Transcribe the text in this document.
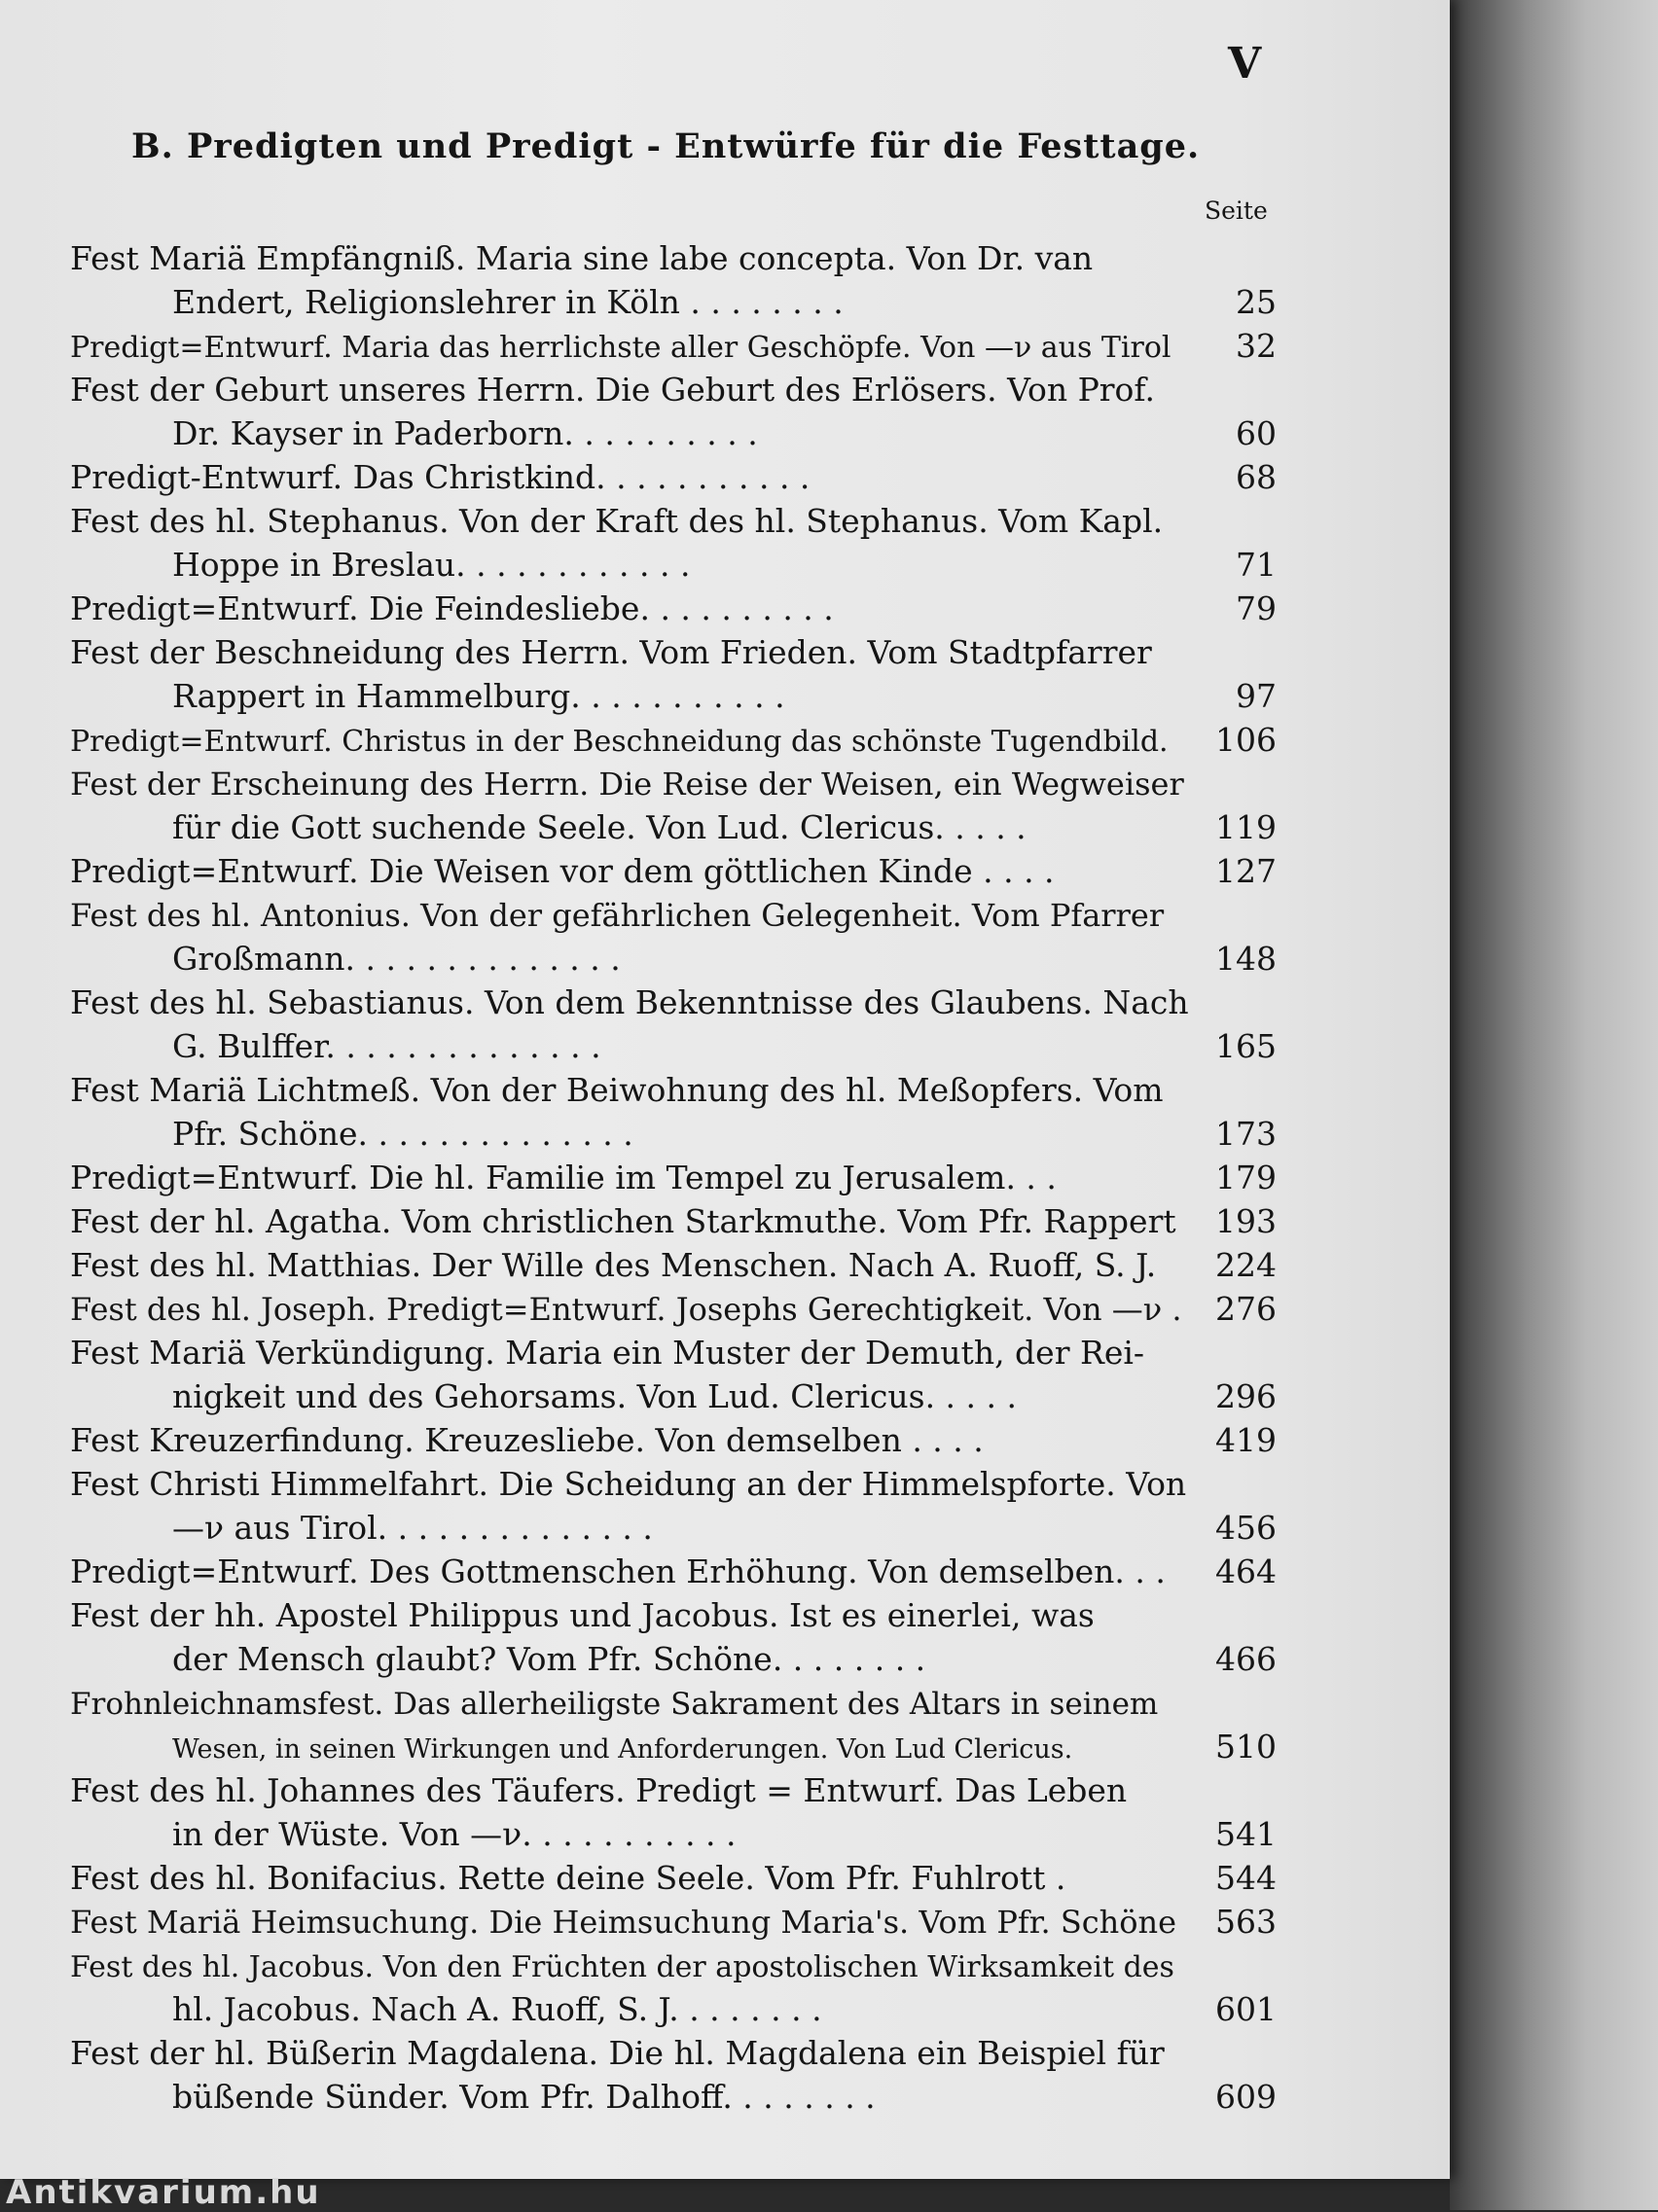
V
B. Predigten und Predigt - Entwürfe für die Festtage.
Seite
Fest Mariä Empfängniß. Maria sine labe concepta. Von Dr. van
Endert, Religionslehrer in Köln . . . . . . . .	25
Predigt=Entwurf. Maria das herrlichste aller Geschöpfe. Von —ν aus Tirol	32
Fest der Geburt unseres Herrn. Die Geburt des Erlösers. Von Prof.
Dr. Kayser in Paderborn. . . . . . . . . .	60
Predigt-Entwurf. Das Christkind. . . . . . . . . . .	68
Fest des hl. Stephanus. Von der Kraft des hl. Stephanus. Vom Kapl.
Hoppe in Breslau. . . . . . . . . . . .	71
Predigt=Entwurf. Die Feindesliebe. . . . . . . . . .	79
Fest der Beschneidung des Herrn. Vom Frieden. Vom Stadtpfarrer
Rappert in Hammelburg. . . . . . . . . . .	97
Predigt=Entwurf. Christus in der Beschneidung das schönste Tugendbild.	106
Fest der Erscheinung des Herrn. Die Reise der Weisen, ein Wegweiser
für die Gott suchende Seele. Von Lud. Clericus. . . . .	119
Predigt=Entwurf. Die Weisen vor dem göttlichen Kinde . . . .	127
Fest des hl. Antonius. Von der gefährlichen Gelegenheit. Vom Pfarrer
Großmann. . . . . . . . . . . . . .	148
Fest des hl. Sebastianus. Von dem Bekenntnisse des Glaubens. Nach
G. Bulffer. . . . . . . . . . . . . .	165
Fest Mariä Lichtmeß. Von der Beiwohnung des hl. Meßopfers. Vom
Pfr. Schöne. . . . . . . . . . . . . .	173
Predigt=Entwurf. Die hl. Familie im Tempel zu Jerusalem. . .	179
Fest der hl. Agatha. Vom christlichen Starkmuthe. Vom Pfr. Rappert	193
Fest des hl. Matthias. Der Wille des Menschen. Nach A. Ruoff, S. J.	224
Fest des hl. Joseph. Predigt=Entwurf. Josephs Gerechtigkeit. Von —ν .	276
Fest Mariä Verkündigung. Maria ein Muster der Demuth, der Rei-
nigkeit und des Gehorsams. Von Lud. Clericus. . . . .	296
Fest Kreuzerfindung. Kreuzesliebe. Von demselben . . . .	419
Fest Christi Himmelfahrt. Die Scheidung an der Himmelspforte. Von
—ν aus Tirol. . . . . . . . . . . . . .	456
Predigt=Entwurf. Des Gottmenschen Erhöhung. Von demselben. . .	464
Fest der hh. Apostel Philippus und Jacobus. Ist es einerlei, was
der Mensch glaubt? Vom Pfr. Schöne. . . . . . . .	466
Frohnleichnamsfest. Das allerheiligste Sakrament des Altars in seinem
Wesen, in seinen Wirkungen und Anforderungen. Von Lud Clericus.	510
Fest des hl. Johannes des Täufers. Predigt = Entwurf. Das Leben
in der Wüste. Von —ν. . . . . . . . . . .	541
Fest des hl. Bonifacius. Rette deine Seele. Vom Pfr. Fuhlrott .	544
Fest Mariä Heimsuchung. Die Heimsuchung Maria's. Vom Pfr. Schöne	563
Fest des hl. Jacobus. Von den Früchten der apostolischen Wirksamkeit des
hl. Jacobus. Nach A. Ruoff, S. J. . . . . . . .	601
Fest der hl. Büßerin Magdalena. Die hl. Magdalena ein Beispiel für
büßende Sünder. Vom Pfr. Dalhoff. . . . . . . .	609
Antikvarium.hu
